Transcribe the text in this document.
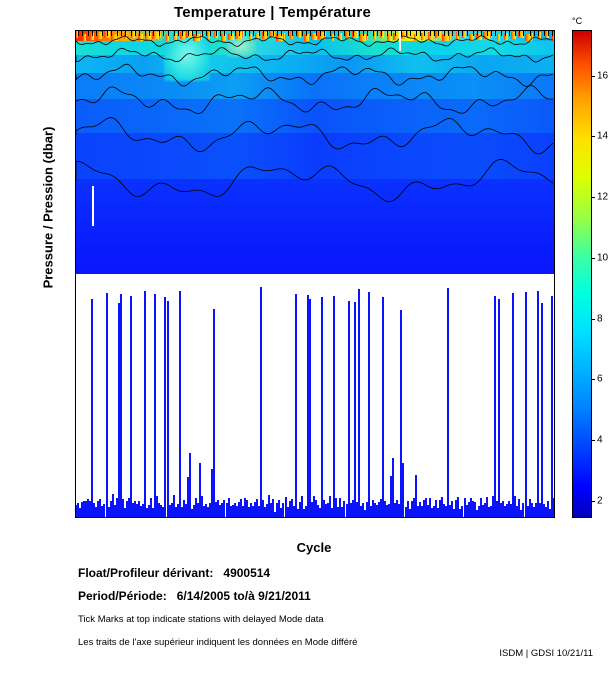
Temperature | Température
Cycle
Pressure / Pression (dbar)
°C
2
4
6
8
10
12
14
16
Float/Profileur dérivant: 4900514
Period/Période: 6/14/2005 to/à 9/21/2011
Tick Marks at top indicate stations with delayed Mode data
Les traits de l'axe supérieur indiquent les données en Mode différé
ISDM | GDSI 10/21/11
